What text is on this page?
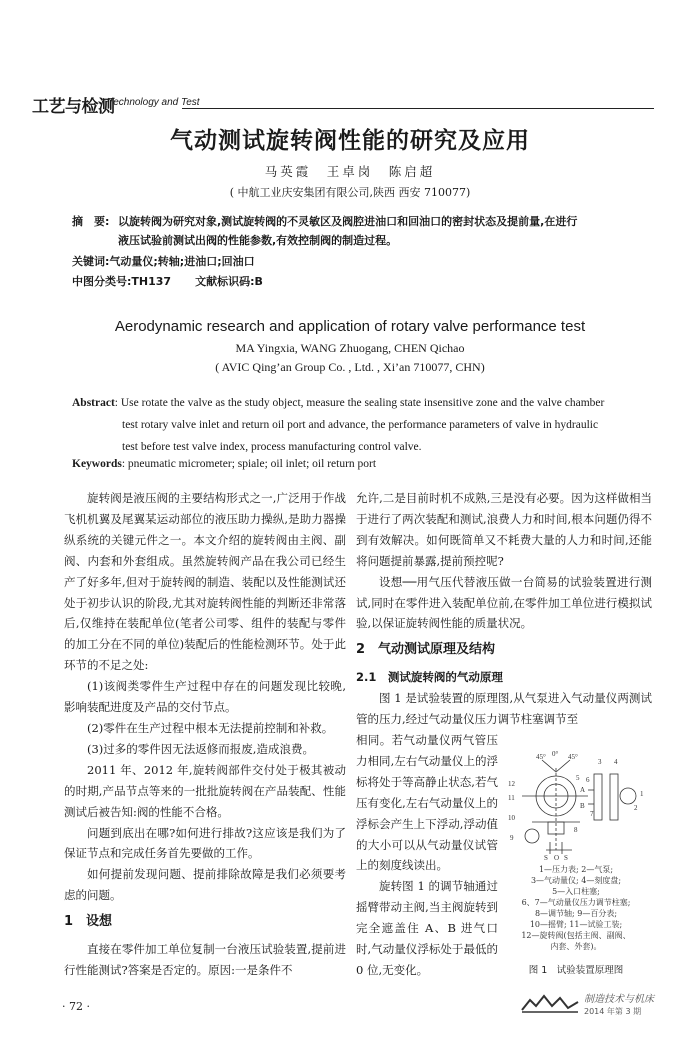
工艺与检测
Technology and Test
气动测试旋转阀性能的研究及应用
马英霞　王卓岗　陈启超
( 中航工业庆安集团有限公司,陕西 西安 710077)
摘　要: 以旋转阀为研究对象,测试旋转阀的不灵敏区及阀腔进油口和回油口的密封状态及提前量,在进行
液压试验前测试出阀的性能参数,有效控制阀的制造过程。
关键词:气动量仪;转轴;进油口;回油口
中图分类号:TH137 文献标识码:B
Aerodynamic research and application of rotary valve performance test
MA Yingxia, WANG Zhuogang, CHEN Qichao
( AVIC Qing’an Group Co. , Ltd. , Xi’an 710077, CHN)
Abstract: Use rotate the valve as the study object, measure the sealing state insensitive zone and the valve chamber
test rotary valve inlet and return oil port and advance, the performance parameters of valve in hydraulic
test before test valve index, process manufacturing control valve.
Keywords: pneumatic micrometer; spiale; oil inlet; oil return port

旋转阀是液压阀的主要结构形式之一,广泛用于作战飞机机翼及尾翼某运动部位的液压助力操纵,是助力器操纵系统的关键元件之一。本文介绍的旋转阀由主阀、副阀、内套和外套组成。虽然旋转阀产品在我公司已经生产了好多年,但对于旋转阀的制造、装配以及性能测试还处于初步认识的阶段,尤其对旋转阀性能的判断还非常落后,仅维持在装配单位(笔者公司零、组件的装配与零件的加工分在不同的单位)装配后的性能检测环节。处于此环节的不足之处:

(1)该阀类零件生产过程中存在的问题发现比较晚,影响装配进度及产品的交付节点。

(2)零件在生产过程中根本无法提前控制和补救。

(3)过多的零件因无法返修而报废,造成浪费。

2011 年、2012 年,旋转阀部件交付处于极其被动的时期,产品节点等来的一批批旋转阀在产品装配、性能测试后被告知:阀的性能不合格。

问题到底出在哪?如何进行排故?这应该是我们为了保证节点和完成任务首先要做的工作。

如何提前发现问题、提前排除故障是我们必须要考虑的问题。

1　设想

直接在零件加工单位复制一台液压试验装置,提前进行性能测试?答案是否定的。原因:一是条件不

允许,二是目前时机不成熟,三是没有必要。因为这样做相当于进行了两次装配和测试,浪费人力和时间,根本问题仍得不到有效解决。如何既简单又不耗费大量的人力和时间,还能将问题提前暴露,提前预控呢?

设想──用气压代替液压做一台简易的试验装置进行测试,同时在零件进入装配单位前,在零件加工单位进行模拟试验,以保证旋转阀性能的质量状况。

2　气动测试原理及结构

2.1　测试旋转阀的气动原理

图 1 是试验装置的原理图,从气泵进入气动量仪两测试管的压力,经过气动量仪压力调节柱塞调节至

相同。若气动量仪两气管压力相同,左右气动量仪上的浮标将处于等高静止状态,若气压有变化,左右气动量仪上的浮标会产生上下浮动,浮动值的大小可以从气动量仪试管上的刻度线读出。

旋转图 1 的调节轴通过摇臂带动主阀,当主阀旋转到完全遮盖住 A、B 进气口时,气动量仪浮标处于最低的 0 位,无变化。

45° 0° 45°
3 4
12
5 6
1
11
A
B
7
10
2
8
9
S O S
1—压力表; 2—气泵;
3—气动量仪; 4—刻度盘;
5—入口柱塞;
6、7—气动量仪压力调节柱塞;
8—调节轴; 9—百分表;
10—摇臂; 11—试验工装;
12—旋转阀(包括主阀、副阀、
内套、外套)。
图 1　试验装置原理图
· 72 ·
制造技术与机床
2014 年第 3 期
